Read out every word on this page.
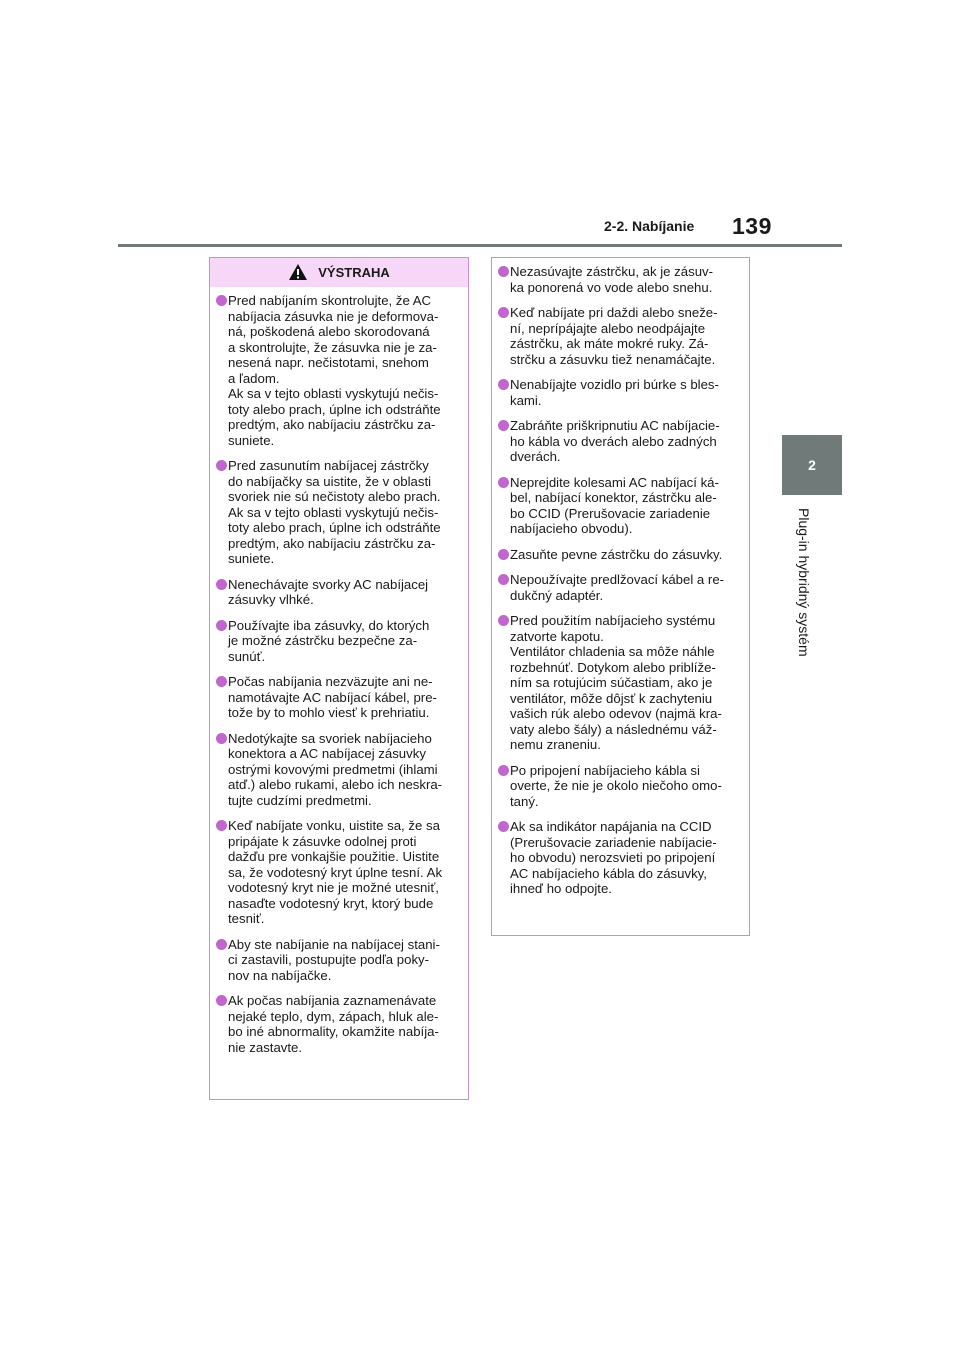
2-2. Nabíjanie 139
2
Plug-in hybridný systém
VÝSTRAHA
Pred nabíjaním skontrolujte, že AC
nabíjacia zásuvka nie je deformova-
ná, poškodená alebo skorodovaná
a skontrolujte, že zásuvka nie je za-
nesená napr. nečistotami, snehom
a ľadom.
Ak sa v tejto oblasti vyskytujú nečis-
toty alebo prach, úplne ich odstráňte
predtým, ako nabíjaciu zástrčku za-
suniete.
Pred zasunutím nabíjacej zástrčky
do nabíjačky sa uistite, že v oblasti
svoriek nie sú nečistoty alebo prach.
Ak sa v tejto oblasti vyskytujú nečis-
toty alebo prach, úplne ich odstráňte
predtým, ako nabíjaciu zástrčku za-
suniete.
Nenechávajte svorky AC nabíjacej
zásuvky vlhké.
Používajte iba zásuvky, do ktorých
je možné zástrčku bezpečne za-
sunúť.
Počas nabíjania nezväzujte ani ne-
namotávajte AC nabíjací kábel, pre-
tože by to mohlo viesť k prehriatiu.
Nedotýkajte sa svoriek nabíjacieho
konektora a AC nabíjacej zásuvky
ostrými kovovými predmetmi (ihlami
atď.) alebo rukami, alebo ich neskra-
tujte cudzími predmetmi.
Keď nabíjate vonku, uistite sa, že sa
pripájate k zásuvke odolnej proti
dažďu pre vonkajšie použitie. Uistite
sa, že vodotesný kryt úplne tesní. Ak
vodotesný kryt nie je možné utesniť,
nasaďte vodotesný kryt, ktorý bude
tesniť.
Aby ste nabíjanie na nabíjacej stani-
ci zastavili, postupujte podľa poky-
nov na nabíjačke.
Ak počas nabíjania zaznamenávate
nejaké teplo, dym, zápach, hluk ale-
bo iné abnormality, okamžite nabíja-
nie zastavte.
Nezasúvajte zástrčku, ak je zásuv-
ka ponorená vo vode alebo snehu.
Keď nabíjate pri daždi alebo sneže-
ní, neprípájajte alebo neodpájajte
zástrčku, ak máte mokré ruky. Zá-
strčku a zásuvku tiež nenamáčajte.
Nenabíjajte vozidlo pri búrke s bles-
kami.
Zabráňte priškripnutiu AC nabíjacie-
ho kábla vo dverách alebo zadných
dverách.
Neprejdite kolesami AC nabíjací ká-
bel, nabíjací konektor, zástrčku ale-
bo CCID (Prerušovacie zariadenie
nabíjacieho obvodu).
Zasuňte pevne zástrčku do zásuvky.
Nepoužívajte predlžovací kábel a re-
dukčný adaptér.
Pred použitím nabíjacieho systému
zatvorte kapotu.
Ventilátor chladenia sa môže náhle
rozbehnúť. Dotykom alebo priblíže-
ním sa rotujúcim súčastiam, ako je
ventilátor, môže dôjsť k zachyteniu
vašich rúk alebo odevov (najmä kra-
vaty alebo šály) a následnému váž-
nemu zraneniu.
Po pripojení nabíjacieho kábla si
overte, že nie je okolo niečoho omo-
taný.
Ak sa indikátor napájania na CCID
(Prerušovacie zariadenie nabíjacie-
ho obvodu) nerozsvieti po pripojení
AC nabíjacieho kábla do zásuvky,
ihneď ho odpojte.
